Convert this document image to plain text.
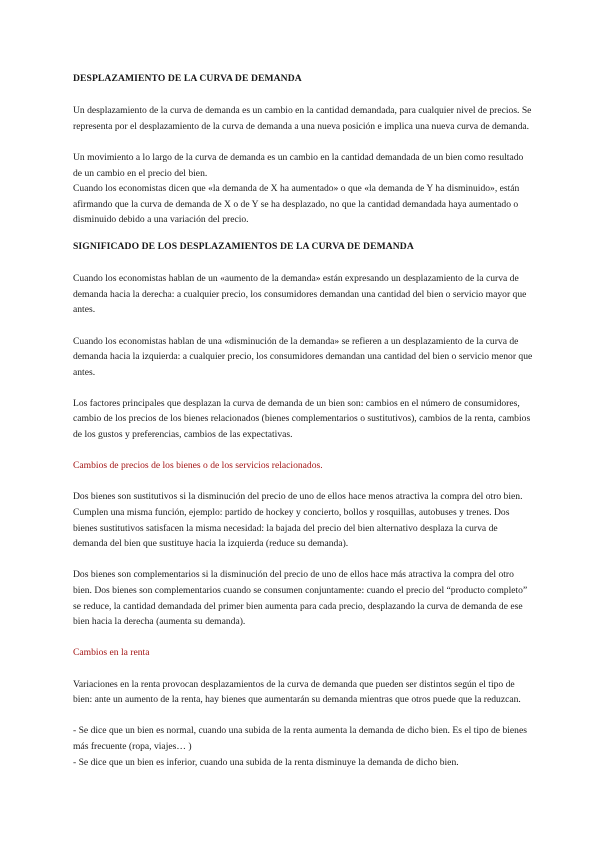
DESPLAZAMIENTO DE LA CURVA DE DEMANDA

Un desplazamiento de la curva de demanda es un cambio en la cantidad demandada, para cualquier nivel de precios. Se representa por el desplazamiento de la curva de demanda a una nueva posición e implica una nueva curva de demanda.

Un movimiento a lo largo de la curva de demanda es un cambio en la cantidad demandada de un bien como resultado de un cambio en el precio del bien.

Cuando los economistas dicen que «la demanda de X ha aumentado» o que «la demanda de Y ha disminuido», están afirmando que la curva de demanda de X o de Y se ha desplazado, no que la cantidad demandada haya aumentado o disminuido debido a una variación del precio.

SIGNIFICADO DE LOS DESPLAZAMIENTOS DE LA CURVA DE DEMANDA

Cuando los economistas hablan de un «aumento de la demanda» están expresando un desplazamiento de la curva de demanda hacia la derecha: a cualquier precio, los consumidores demandan una cantidad del bien o servicio mayor que antes.

Cuando los economistas hablan de una «disminución de la demanda» se refieren a un desplazamiento de la curva de demanda hacia la izquierda: a cualquier precio, los consumidores demandan una cantidad del bien o servicio menor que antes.

Los factores principales que desplazan la curva de demanda de un bien son: cambios en el número de consumidores, cambio de los precios de los bienes relacionados (bienes complementarios o sustitutivos), cambios de la renta, cambios de los gustos y preferencias, cambios de las expectativas.

Cambios de precios de los bienes o de los servicios relacionados.

Dos bienes son sustitutivos si la disminución del precio de uno de ellos hace menos atractiva la compra del otro bien. Cumplen una misma función, ejemplo: partido de hockey y concierto, bollos y rosquillas, autobuses y trenes. Dos bienes sustitutivos satisfacen la misma necesidad: la bajada del precio del bien alternativo desplaza la curva de demanda del bien que sustituye hacia la izquierda (reduce su demanda).

Dos bienes son complementarios si la disminución del precio de uno de ellos hace más atractiva la compra del otro bien. Dos bienes son complementarios cuando se consumen conjuntamente: cuando el precio del “producto completo” se reduce, la cantidad demandada del primer bien aumenta para cada precio, desplazando la curva de demanda de ese bien hacia la derecha (aumenta su demanda).

Cambios en la renta

Variaciones en la renta provocan desplazamientos de la curva de demanda que pueden ser distintos según el tipo de bien: ante un aumento de la renta, hay bienes que aumentarán su demanda mientras que otros puede que la reduzcan.

- Se dice que un bien es normal, cuando una subida de la renta aumenta la demanda de dicho bien. Es el tipo de bienes más frecuente (ropa, viajes… )

- Se dice que un bien es inferior, cuando una subida de la renta disminuye la demanda de dicho bien.
